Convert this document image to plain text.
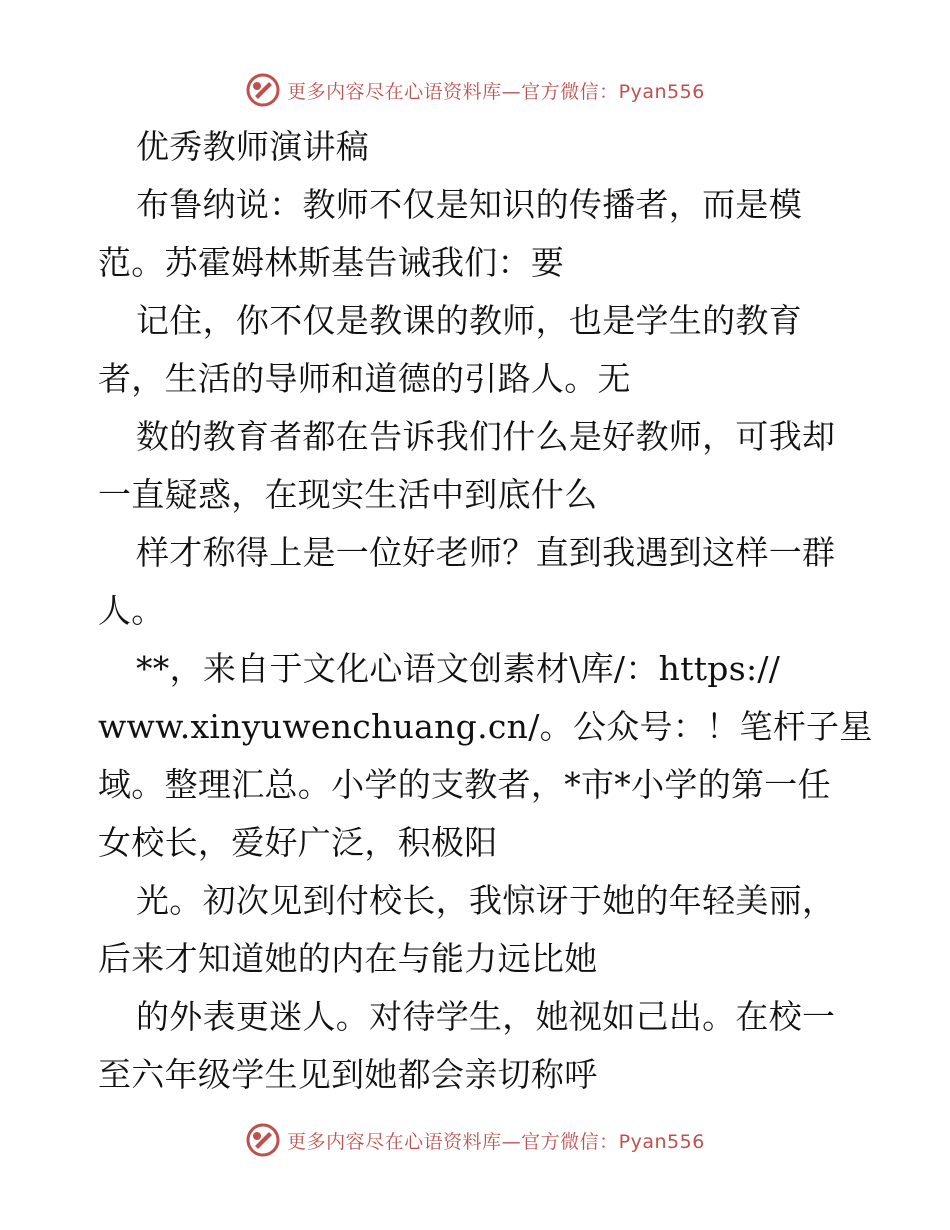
更多内容尽在心语资料库—官方微信：Pyan556
优秀教师演讲稿
布鲁纳说：教师不仅是知识的传播者，而是模
范。苏霍姆林斯基告诫我们：要
记住，你不仅是教课的教师，也是学生的教育
者，生活的导师和道德的引路人。无
数的教育者都在告诉我们什么是好教师，可我却
一直疑惑，在现实生活中到底什么
样才称得上是一位好老师？直到我遇到这样一群
人。
**，来自于文化心语文创素材\库/：https://
www.xinyuwenchuang.cn/。公众号：！笔杆子星
域。整理汇总。小学的支教者，*市*小学的第一任
女校长，爱好广泛，积极阳
光。初次见到付校长，我惊讶于她的年轻美丽，
后来才知道她的内在与能力远比她
的外表更迷人。对待学生，她视如己出。在校一
至六年级学生见到她都会亲切称呼
更多内容尽在心语资料库—官方微信：Pyan556
